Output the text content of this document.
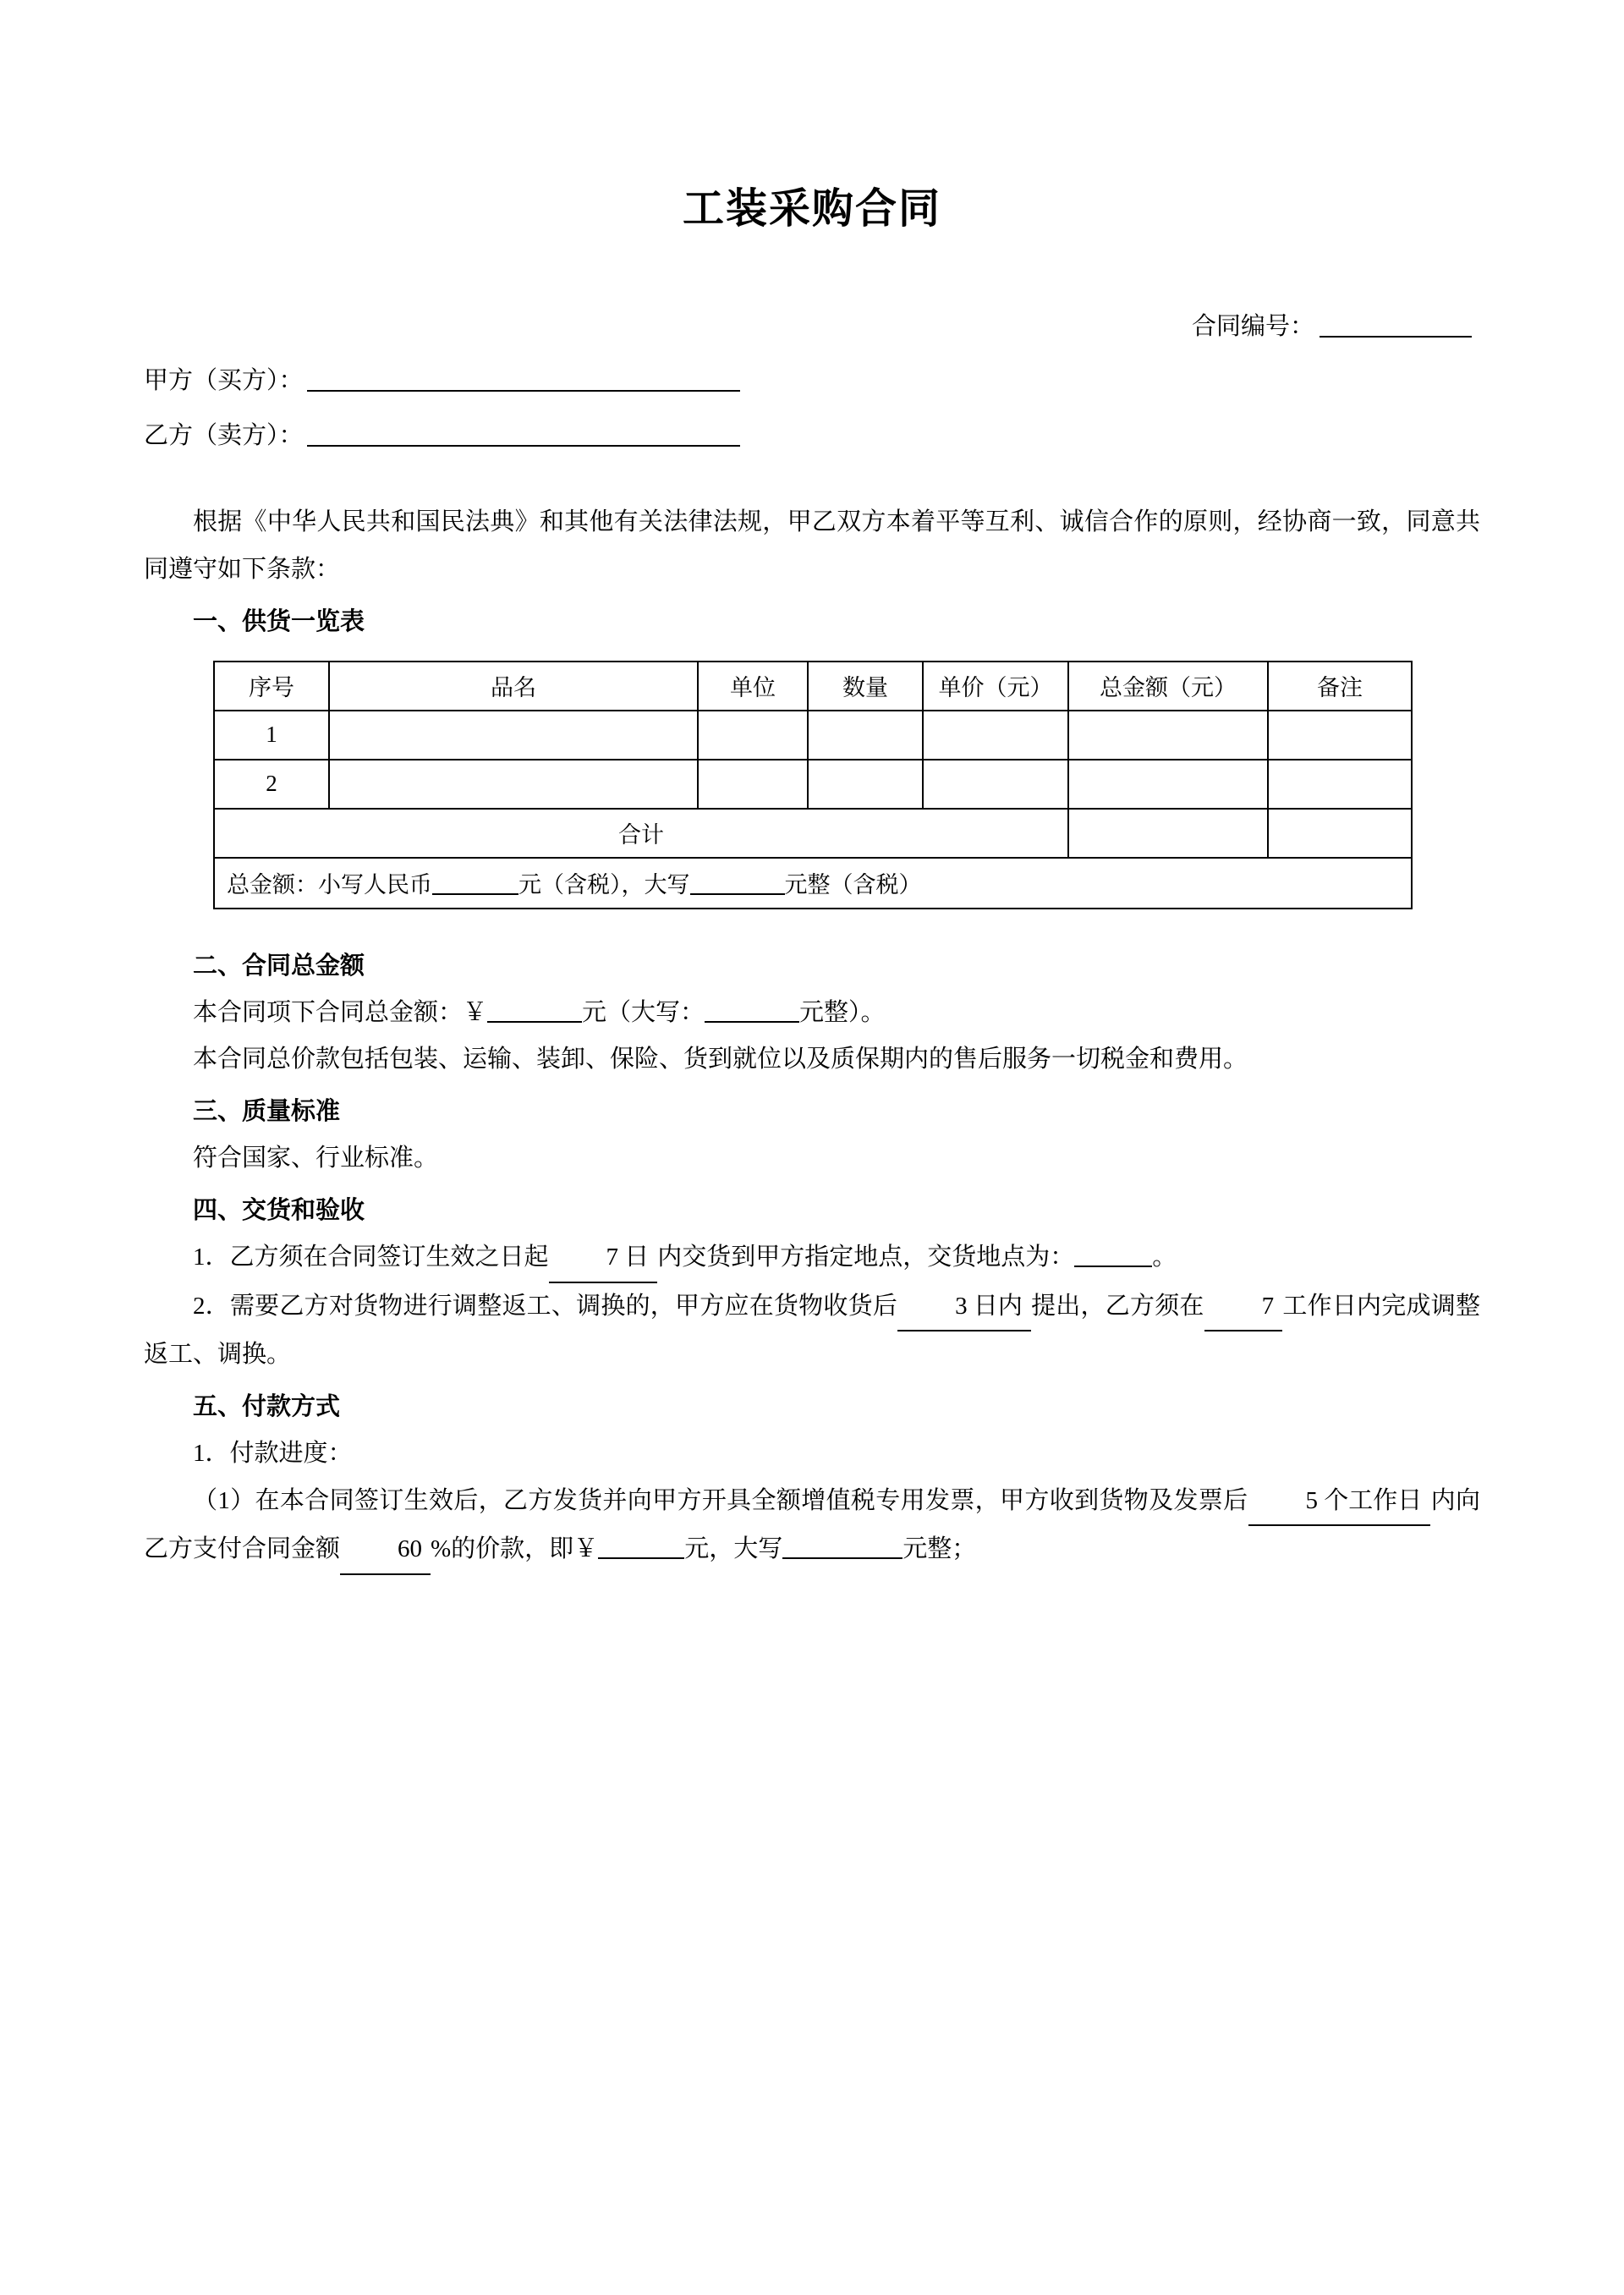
工装采购合同
合同编号：
甲方（买方）：
乙方（卖方）：

根据《中华人民共和国民法典》和其他有关法律法规，甲乙双方本着平等互利、诚信合作的原则，经协商一致，同意共同遵守如下条款：

一、供货一览表

序号	品名	单位	数量	单价（元）	总金额（元）	备注
1						
2						
合计						
总金额：小写人民币 元（含税），大写 元整（含税）						

二、合同总金额

本合同项下合同总金额：￥	元（大写：	元整）。

本合同总价款包括包装、运输、装卸、保险、货到就位以及质保期内的售后服务一切税金和费用。

三、质量标准

符合国家、行业标准。

四、交货和验收

1．乙方须在合同签订生效之日起 7 日 内交货到甲方指定地点，交货地点为：	。

2．需要乙方对货物进行调整返工、调换的，甲方应在货物收货后 3 日内 提出，乙方须在 7 工作日内完成调整返工、调换。

五、付款方式

1．付款进度：

（1）在本合同签订生效后，乙方发货并向甲方开具全额增值税专用发票，甲方收到货物及发票后 5 个工作日 内向乙方支付合同金额 60 %的价款，即￥	元，大写	元整；
